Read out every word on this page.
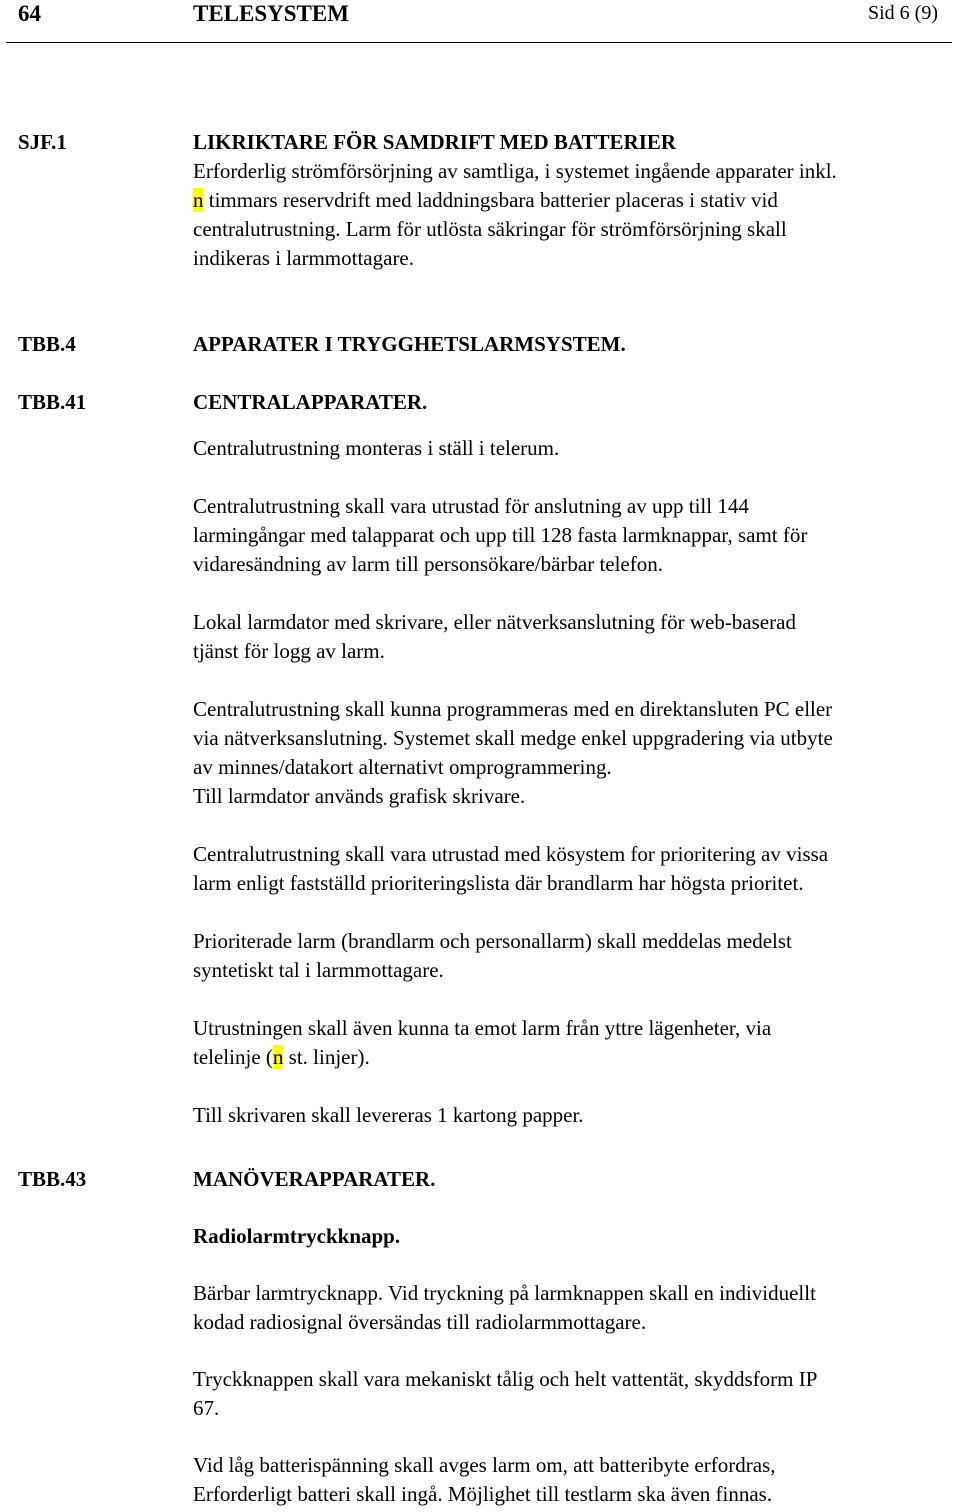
64	TELESYSTEM	Sid 6 (9)
SJF.1	LIKRIKTARE FÖR SAMDRIFT MED BATTERIER

Erforderlig strömförsörjning av samtliga, i systemet ingående apparater inkl.

n timmars reservdrift med laddningsbara batterier placeras i stativ vid

centralutrustning. Larm för utlösta säkringar för strömförsörjning skall

indikeras i larmmottagare.

TBB.4	APPARATER I TRYGGHETSLARMSYSTEM.

TBB.41	CENTRALAPPARATER.

Centralutrustning monteras i ställ i telerum.

Centralutrustning skall vara utrustad för anslutning av upp till 144

larmingångar med talapparat och upp till 128 fasta larmknappar, samt för

vidaresändning av larm till personsökare/bärbar telefon.

Lokal larmdator med skrivare, eller nätverksanslutning för web-baserad

tjänst för logg av larm.

Centralutrustning skall kunna programmeras med en direktansluten PC eller

via nätverksanslutning. Systemet skall medge enkel uppgradering via utbyte

av minnes/datakort alternativt omprogrammering.

Till larmdator används grafisk skrivare.

Centralutrustning skall vara utrustad med kösystem for prioritering av vissa

larm enligt fastställd prioriteringslista där brandlarm har högsta prioritet.

Prioriterade larm (brandlarm och personallarm) skall meddelas medelst

syntetiskt tal i larmmottagare.

Utrustningen skall även kunna ta emot larm från yttre lägenheter, via

telelinje (n st. linjer).

Till skrivaren skall levereras 1 kartong papper.

TBB.43	MANÖVERAPPARATER.

Radiolarmtryckknapp.

Bärbar larmtrycknapp. Vid tryckning på larmknappen skall en individuellt

kodad radiosignal översändas till radiolarmmottagare.

Tryckknappen skall vara mekaniskt tålig och helt vattentät, skyddsform IP

67.

Vid låg batterispänning skall avges larm om, att batteribyte erfordras,

Erforderligt batteri skall ingå. Möjlighet till testlarm ska även finnas.
